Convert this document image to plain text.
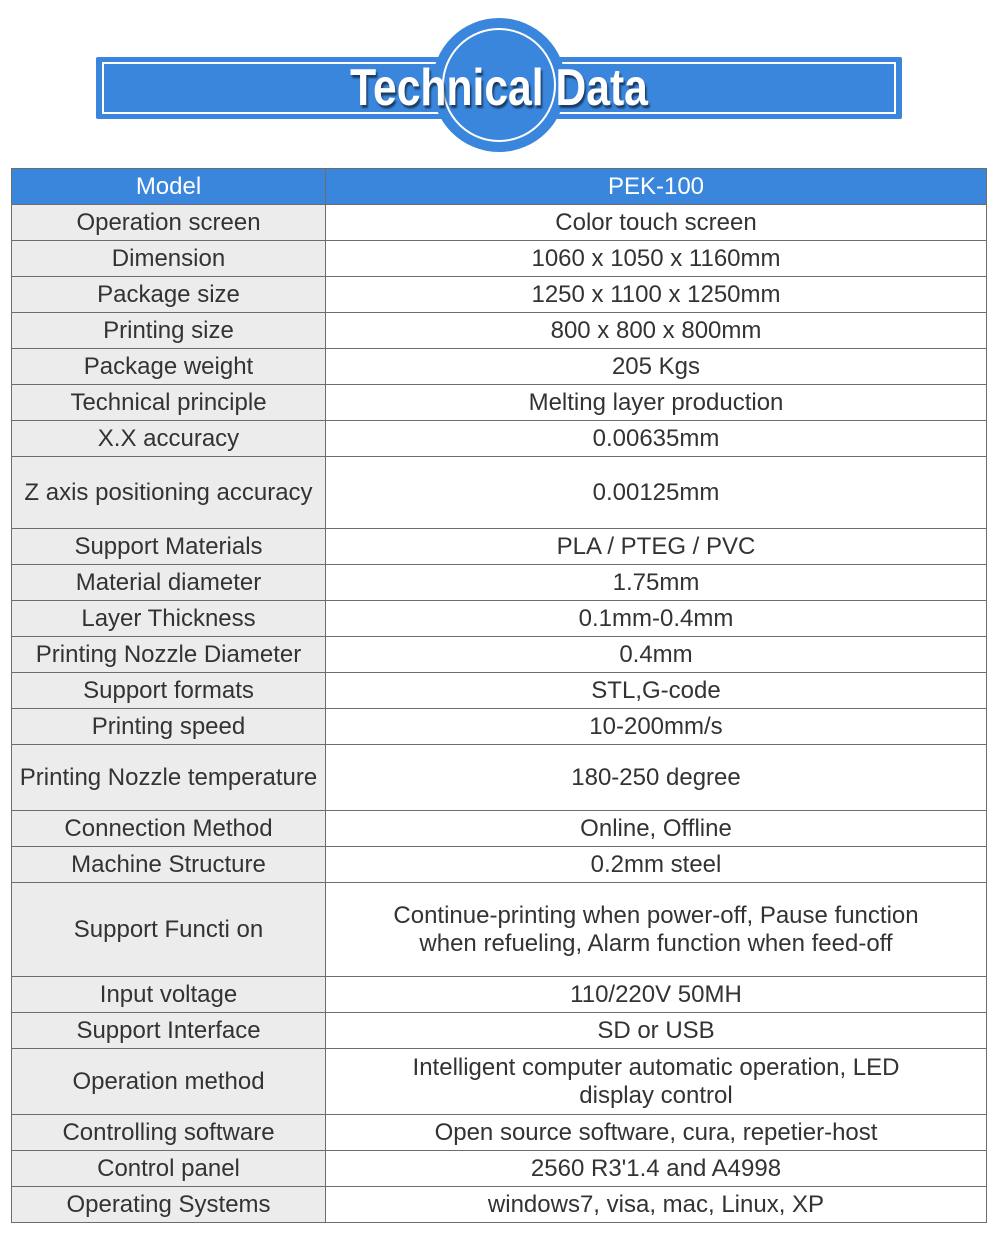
Technical Data
Model	PEK-100
Operation screen	Color touch screen
Dimension	1060 x 1050 x 1160mm
Package size	1250 x 1100 x 1250mm
Printing size	800 x 800 x 800mm
Package weight	205 Kgs
Technical principle	Melting layer production
X.X accuracy	0.00635mm
Z axis positioning accuracy	0.00125mm
Support Materials	PLA / PTEG / PVC
Material diameter	1.75mm
Layer Thickness	0.1mm-0.4mm
Printing Nozzle Diameter	0.4mm
Support formats	STL,G-code
Printing speed	10-200mm/s
Printing Nozzle temperature	180-250 degree
Connection Method	Online, Offline
Machine Structure	0.2mm steel
Support Functi on	Continue-printing when power-off, Pause function when refueling, Alarm function when feed-off
Input voltage	110/220V 50MH
Support Interface	SD or USB
Operation method	Intelligent computer automatic operation, LED display control
Controlling software	Open source software, cura, repetier-host
Control panel	2560 R3'1.4 and A4998
Operating Systems	windows7, visa, mac, Linux, XP
